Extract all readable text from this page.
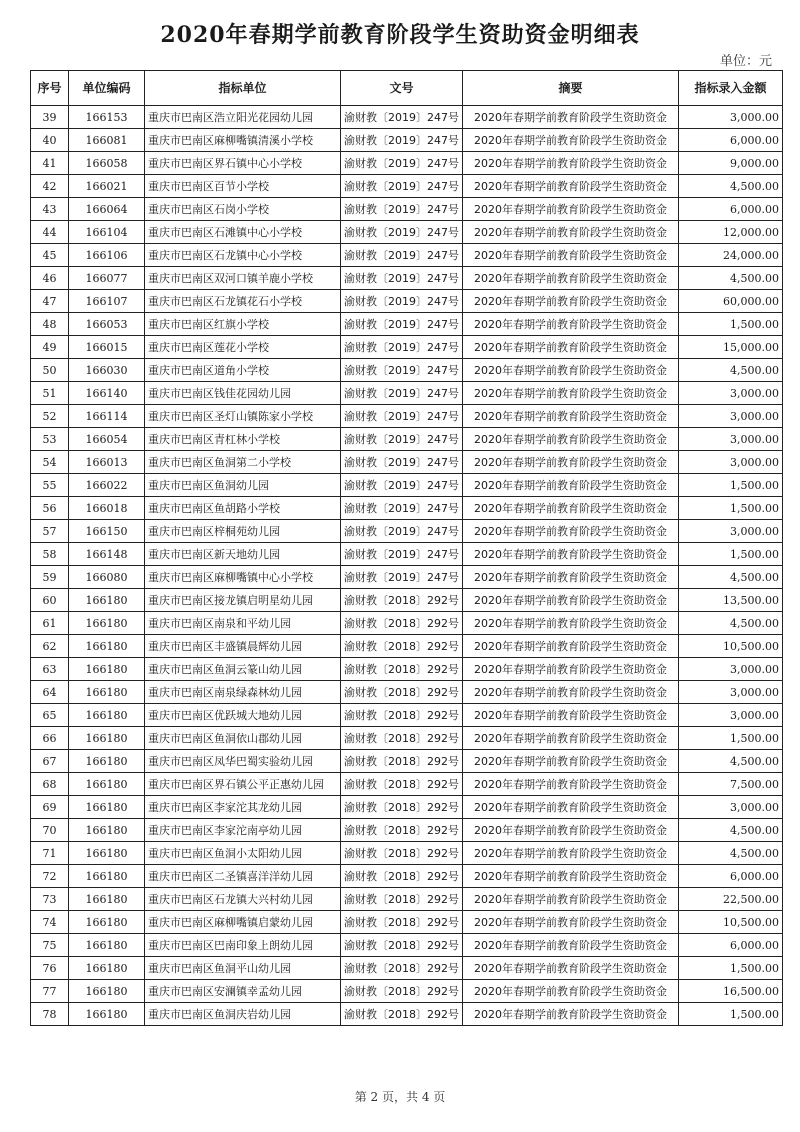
2020年春期学前教育阶段学生资助资金明细表
单位：元
序号	单位编码	指标单位	文号	摘要	指标录入金额
39	166153	重庆市巴南区浩立阳光花园幼儿园	渝财教〔2019〕247号	2020年春期学前教育阶段学生资助资金	3,000.00
40	166081	重庆市巴南区麻柳嘴镇清溪小学校	渝财教〔2019〕247号	2020年春期学前教育阶段学生资助资金	6,000.00
41	166058	重庆市巴南区界石镇中心小学校	渝财教〔2019〕247号	2020年春期学前教育阶段学生资助资金	9,000.00
42	166021	重庆市巴南区百节小学校	渝财教〔2019〕247号	2020年春期学前教育阶段学生资助资金	4,500.00
43	166064	重庆市巴南区石岗小学校	渝财教〔2019〕247号	2020年春期学前教育阶段学生资助资金	6,000.00
44	166104	重庆市巴南区石滩镇中心小学校	渝财教〔2019〕247号	2020年春期学前教育阶段学生资助资金	12,000.00
45	166106	重庆市巴南区石龙镇中心小学校	渝财教〔2019〕247号	2020年春期学前教育阶段学生资助资金	24,000.00
46	166077	重庆市巴南区双河口镇羊鹿小学校	渝财教〔2019〕247号	2020年春期学前教育阶段学生资助资金	4,500.00
47	166107	重庆市巴南区石龙镇花石小学校	渝财教〔2019〕247号	2020年春期学前教育阶段学生资助资金	60,000.00
48	166053	重庆市巴南区红旗小学校	渝财教〔2019〕247号	2020年春期学前教育阶段学生资助资金	1,500.00
49	166015	重庆市巴南区莲花小学校	渝财教〔2019〕247号	2020年春期学前教育阶段学生资助资金	15,000.00
50	166030	重庆市巴南区道角小学校	渝财教〔2019〕247号	2020年春期学前教育阶段学生资助资金	4,500.00
51	166140	重庆市巴南区钱佳花园幼儿园	渝财教〔2019〕247号	2020年春期学前教育阶段学生资助资金	3,000.00
52	166114	重庆市巴南区圣灯山镇陈家小学校	渝财教〔2019〕247号	2020年春期学前教育阶段学生资助资金	3,000.00
53	166054	重庆市巴南区青杠林小学校	渝财教〔2019〕247号	2020年春期学前教育阶段学生资助资金	3,000.00
54	166013	重庆市巴南区鱼洞第二小学校	渝财教〔2019〕247号	2020年春期学前教育阶段学生资助资金	3,000.00
55	166022	重庆市巴南区鱼洞幼儿园	渝财教〔2019〕247号	2020年春期学前教育阶段学生资助资金	1,500.00
56	166018	重庆市巴南区鱼胡路小学校	渝财教〔2019〕247号	2020年春期学前教育阶段学生资助资金	1,500.00
57	166150	重庆市巴南区梓桐苑幼儿园	渝财教〔2019〕247号	2020年春期学前教育阶段学生资助资金	3,000.00
58	166148	重庆市巴南区新天地幼儿园	渝财教〔2019〕247号	2020年春期学前教育阶段学生资助资金	1,500.00
59	166080	重庆市巴南区麻柳嘴镇中心小学校	渝财教〔2019〕247号	2020年春期学前教育阶段学生资助资金	4,500.00
60	166180	重庆市巴南区接龙镇启明星幼儿园	渝财教〔2018〕292号	2020年春期学前教育阶段学生资助资金	13,500.00
61	166180	重庆市巴南区南泉和平幼儿园	渝财教〔2018〕292号	2020年春期学前教育阶段学生资助资金	4,500.00
62	166180	重庆市巴南区丰盛镇晨辉幼儿园	渝财教〔2018〕292号	2020年春期学前教育阶段学生资助资金	10,500.00
63	166180	重庆市巴南区鱼洞云篆山幼儿园	渝财教〔2018〕292号	2020年春期学前教育阶段学生资助资金	3,000.00
64	166180	重庆市巴南区南泉绿森林幼儿园	渝财教〔2018〕292号	2020年春期学前教育阶段学生资助资金	3,000.00
65	166180	重庆市巴南区优跃城大地幼儿园	渝财教〔2018〕292号	2020年春期学前教育阶段学生资助资金	3,000.00
66	166180	重庆市巴南区鱼洞依山郡幼儿园	渝财教〔2018〕292号	2020年春期学前教育阶段学生资助资金	1,500.00
67	166180	重庆市巴南区凤华巴蜀实验幼儿园	渝财教〔2018〕292号	2020年春期学前教育阶段学生资助资金	4,500.00
68	166180	重庆市巴南区界石镇公平正惠幼儿园	渝财教〔2018〕292号	2020年春期学前教育阶段学生资助资金	7,500.00
69	166180	重庆市巴南区李家沱其龙幼儿园	渝财教〔2018〕292号	2020年春期学前教育阶段学生资助资金	3,000.00
70	166180	重庆市巴南区李家沱南亭幼儿园	渝财教〔2018〕292号	2020年春期学前教育阶段学生资助资金	4,500.00
71	166180	重庆市巴南区鱼洞小太阳幼儿园	渝财教〔2018〕292号	2020年春期学前教育阶段学生资助资金	4,500.00
72	166180	重庆市巴南区二圣镇喜洋洋幼儿园	渝财教〔2018〕292号	2020年春期学前教育阶段学生资助资金	6,000.00
73	166180	重庆市巴南区石龙镇大兴村幼儿园	渝财教〔2018〕292号	2020年春期学前教育阶段学生资助资金	22,500.00
74	166180	重庆市巴南区麻柳嘴镇启蒙幼儿园	渝财教〔2018〕292号	2020年春期学前教育阶段学生资助资金	10,500.00
75	166180	重庆市巴南区巴南印象上朗幼儿园	渝财教〔2018〕292号	2020年春期学前教育阶段学生资助资金	6,000.00
76	166180	重庆市巴南区鱼洞平山幼儿园	渝财教〔2018〕292号	2020年春期学前教育阶段学生资助资金	1,500.00
77	166180	重庆市巴南区安澜镇幸孟幼儿园	渝财教〔2018〕292号	2020年春期学前教育阶段学生资助资金	16,500.00
78	166180	重庆市巴南区鱼洞庆岩幼儿园	渝财教〔2018〕292号	2020年春期学前教育阶段学生资助资金	1,500.00
第 2 页，共 4 页
